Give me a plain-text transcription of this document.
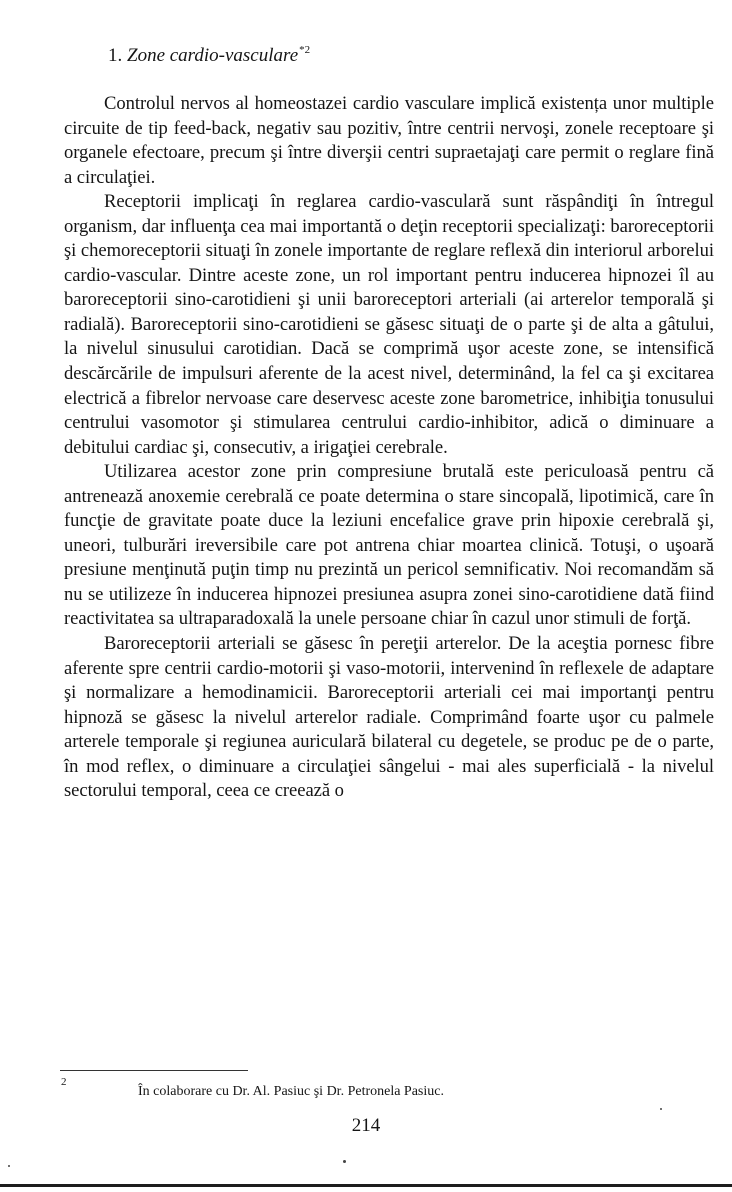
1. Zone cardio-vasculare$^{*2}$

Controlul nervos al homeostazei cardio vasculare implică existența unor multiple circuite de tip feed-back, negativ sau pozitiv, între centrii nervoşi, zonele receptoare şi organele efectoare, precum şi între diverşii centri supraetajaţi care permit o reglare fină a circulaţiei.

Receptorii implicaţi în reglarea cardio-vasculară sunt răspândiţi în întregul organism, dar influenţa cea mai importantă o deţin receptorii specializaţi: baroreceptorii şi chemoreceptorii situaţi în zonele importante de reglare reflexă din interiorul arborelui cardio-vascular. Dintre aceste zone, un rol important pentru inducerea hipnozei îl au baroreceptorii sino-carotidieni şi unii baroreceptori arteriali (ai arterelor temporală şi radială). Baroreceptorii sino-carotidieni se găsesc situaţi de o parte şi de alta a gâtului, la nivelul sinusului carotidian. Dacă se comprimă uşor aceste zone, se intensifică descărcările de impulsuri aferente de la acest nivel, determinând, la fel ca şi excitarea electrică a fibrelor nervoase care deservesc aceste zone barometrice, inhibiţia tonusului centrului vasomotor şi stimularea centrului cardio-inhibitor, adică o diminuare a debitului cardiac şi, consecutiv, a irigaţiei cerebrale.

Utilizarea acestor zone prin compresiune brutală este periculoasă pentru că antrenează anoxemie cerebrală ce poate determina o stare sincopală, lipotimică, care în funcţie de gravitate poate duce la leziuni encefalice grave prin hipoxie cerebrală şi, uneori, tulburări ireversibile care pot antrena chiar moartea clinică. Totuşi, o uşoară presiune menţinută puţin timp nu prezintă un pericol semnificativ. Noi recomandăm să nu se utilizeze în inducerea hipnozei presiunea asupra zonei sino-carotidiene dată fiind reactivitatea sa ultraparadoxală la unele persoane chiar în cazul unor stimuli de forţă.

Baroreceptorii arteriali se găsesc în pereţii arterelor. De la aceştia pornesc fibre aferente spre centrii cardio-motorii şi vaso-motorii, intervenind în reflexele de adaptare şi normalizare a hemodinamicii. Baroreceptorii arteriali cei mai importanţi pentru hipnoză se găsesc la nivelul arterelor radiale. Comprimând foarte uşor cu palmele arterele temporale şi regiunea auriculară bilateral cu degetele, se produc pe de o parte, în mod reflex, o diminuare a circulaţiei sângelui - mai ales superficială - la nivelul sectorului temporal, ceea ce creează o

2
În colaborare cu Dr. Al. Pasiuc şi Dr. Petronela Pasiuc.
214
